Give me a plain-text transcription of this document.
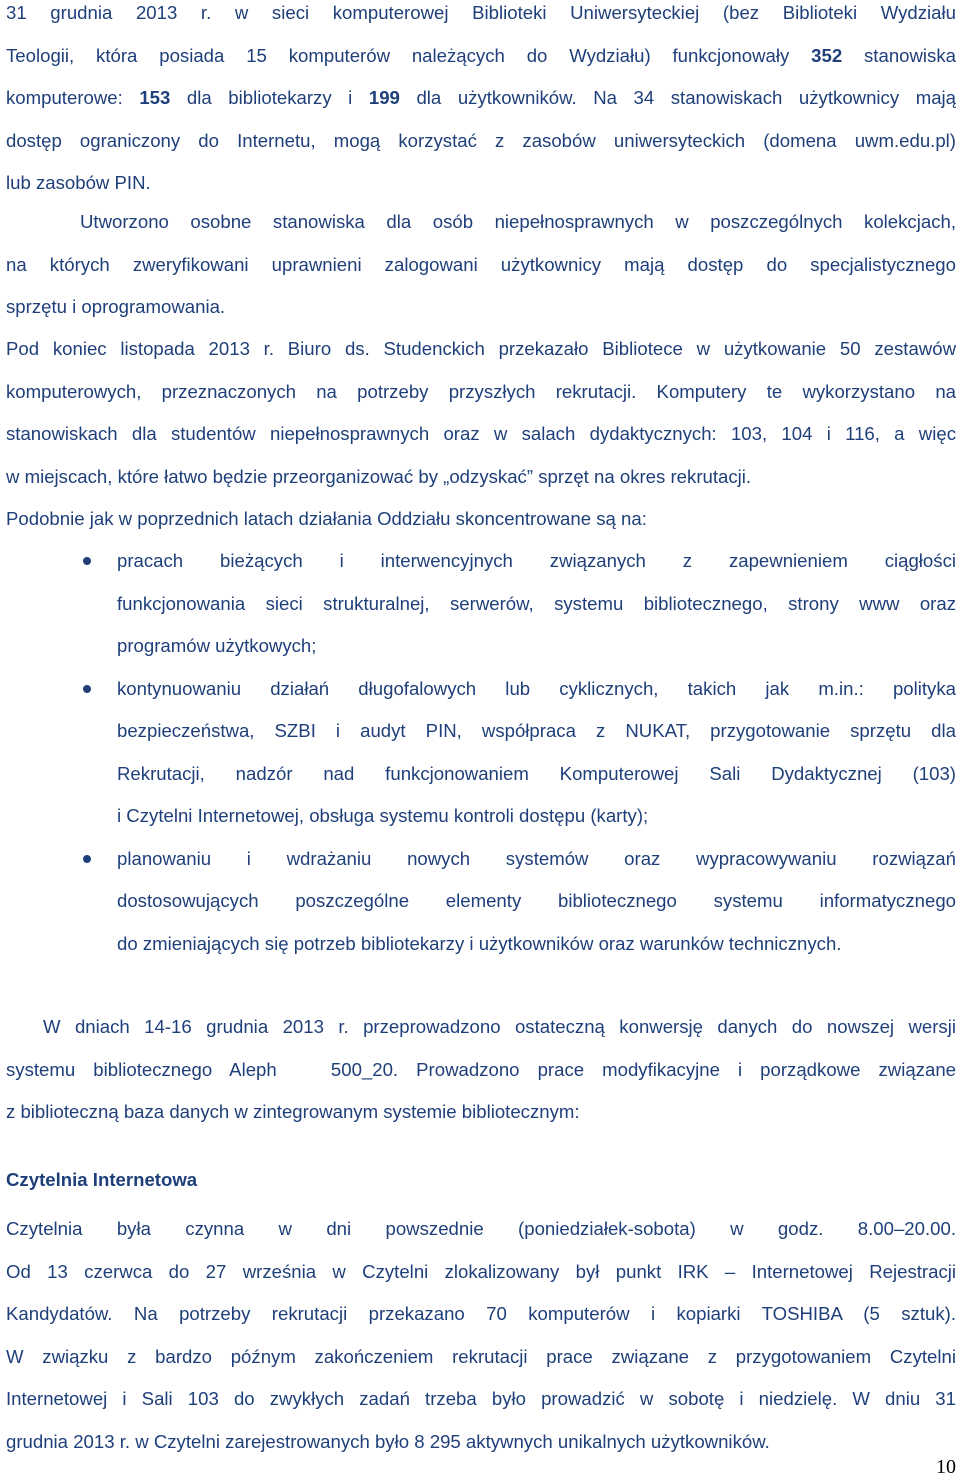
31 grudnia 2013 r. w sieci komputerowej Biblioteki Uniwersyteckiej (bez Biblioteki Wydziału
Teologii, która posiada 15 komputerów należących do Wydziału) funkcjonowały 352 stanowiska
komputerowe: 153 dla bibliotekarzy i 199 dla użytkowników. Na 34 stanowiskach użytkownicy mają
dostęp ograniczony do Internetu, mogą korzystać z zasobów uniwersyteckich (domena uwm.edu.pl)
lub zasobów PIN.
Utworzono osobne stanowiska dla osób niepełnosprawnych w poszczególnych kolekcjach,
na których zweryfikowani uprawnieni zalogowani użytkownicy mają dostęp do specjalistycznego
sprzętu i oprogramowania.
Pod koniec listopada 2013 r. Biuro ds. Studenckich przekazało Bibliotece w użytkowanie 50 zestawów
komputerowych, przeznaczonych na potrzeby przyszłych rekrutacji. Komputery te wykorzystano na
stanowiskach dla studentów niepełnosprawnych oraz w salach dydaktycznych: 103, 104 i 116, a więc
w miejscach, które łatwo będzie przeorganizować by „odzyskać” sprzęt na okres rekrutacji.
Podobnie jak w poprzednich latach działania Oddziału skoncentrowane są na:
pracach bieżących i interwencyjnych związanych z zapewnieniem ciągłości
funkcjonowania sieci strukturalnej, serwerów, systemu bibliotecznego, strony www oraz
programów użytkowych;
kontynuowaniu działań długofalowych lub cyklicznych, takich jak m.in.: polityka
bezpieczeństwa, SZBI i audyt PIN, współpraca z NUKAT, przygotowanie sprzętu dla
Rekrutacji, nadzór nad funkcjonowaniem Komputerowej Sali Dydaktycznej (103)
i Czytelni Internetowej, obsługa systemu kontroli dostępu (karty);
planowaniu i wdrażaniu nowych systemów oraz wypracowywaniu rozwiązań
dostosowujących poszczególne elementy bibliotecznego systemu informatycznego
do zmieniających się potrzeb bibliotekarzy i użytkowników oraz warunków technicznych.
W dniach 14-16 grudnia 2013 r. przeprowadzono ostateczną konwersję danych do nowszej wersji
systemu bibliotecznego Aleph   500_20. Prowadzono prace modyfikacyjne i porządkowe związane
z biblioteczną baza danych w zintegrowanym systemie bibliotecznym:
Czytelnia Internetowa
Czytelnia była czynna w dni powszednie (poniedziałek-sobota) w godz. 8.00–20.00.
Od 13 czerwca do 27 września w Czytelni zlokalizowany był punkt IRK – Internetowej Rejestracji
Kandydatów. Na potrzeby rekrutacji przekazano 70 komputerów i kopiarki TOSHIBA (5 sztuk).
W związku z bardzo późnym zakończeniem rekrutacji prace związane z przygotowaniem Czytelni
Internetowej i Sali 103 do zwykłych zadań trzeba było prowadzić w sobotę i niedzielę. W dniu 31
grudnia 2013 r. w Czytelni zarejestrowanych było 8 295 aktywnych unikalnych użytkowników.
10
